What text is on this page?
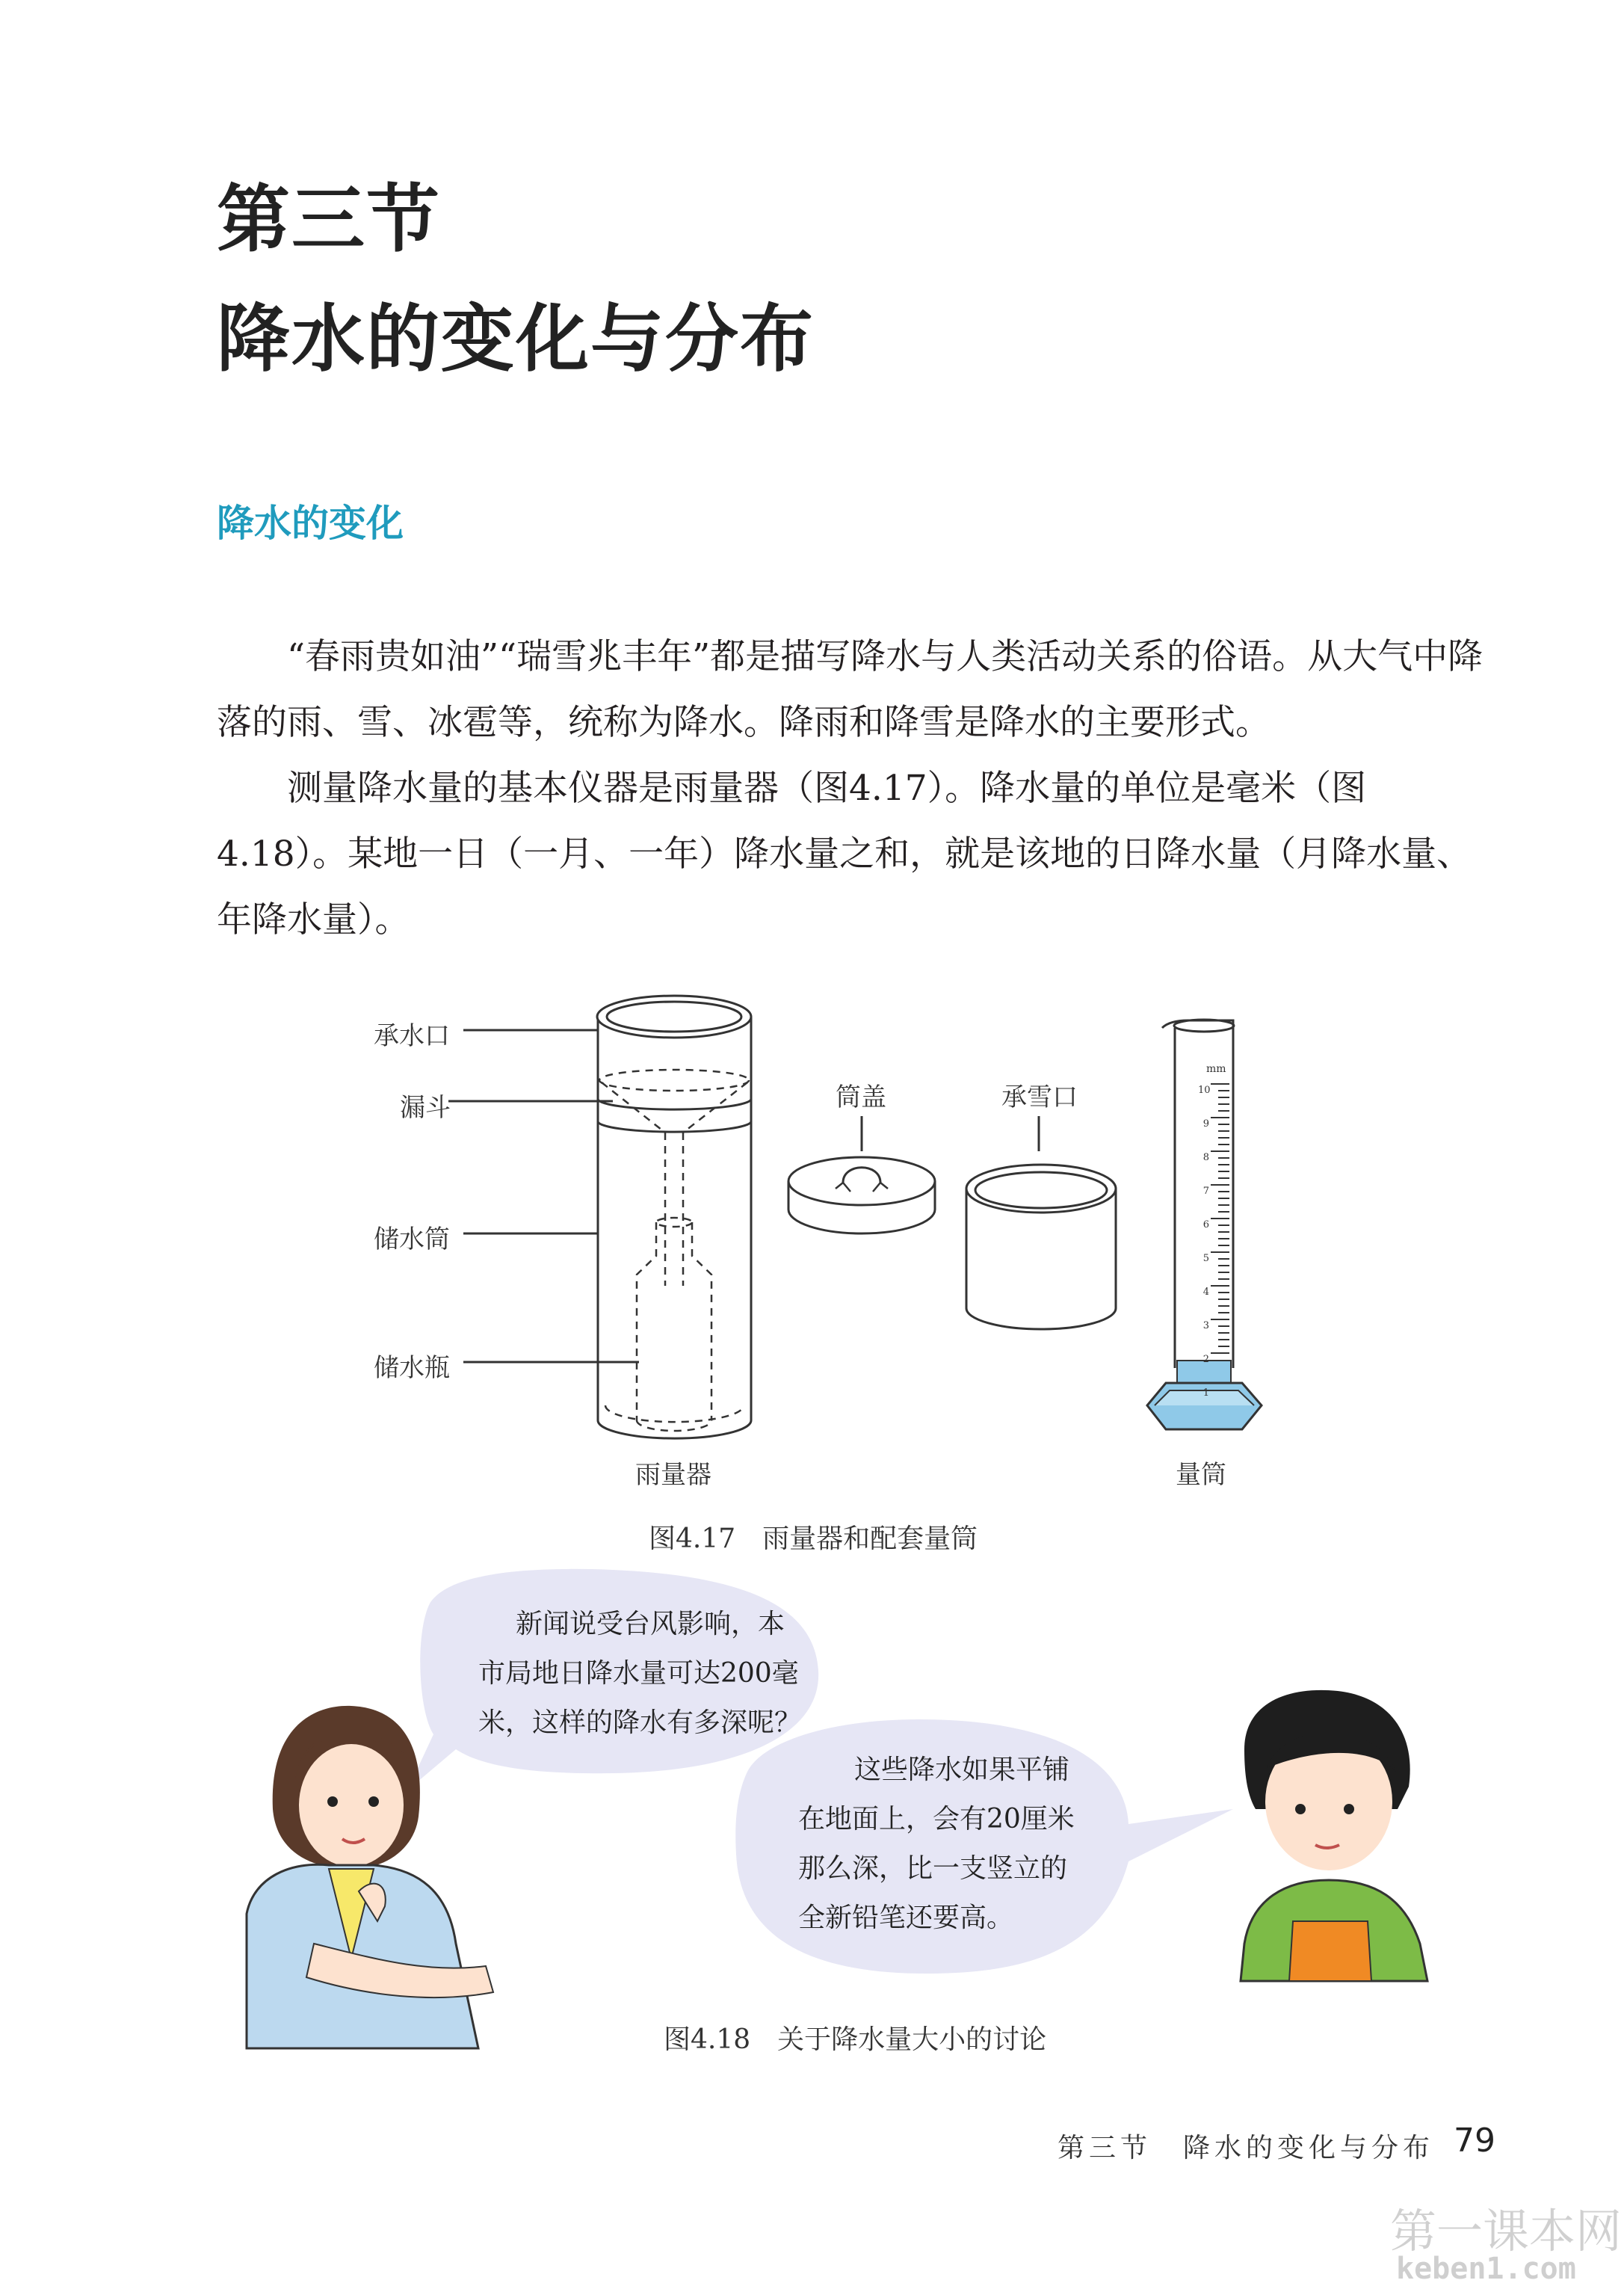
第三节
降水的变化与分布
降水的变化

“春雨贵如油”“瑞雪兆丰年”都是描写降水与人类活动关系的俗语。从大气中降落的雨、雪、冰雹等，统称为降水。降雨和降雪是降水的主要形式。

测量降水量的基本仪器是雨量器（图4.17）。降水量的单位是毫米（图4.18）。某地一日（一月、一年）降水量之和，就是该地的日降水量（月降水量、年降水量）。

承水口
漏斗
储水筒
储水瓶
筒盖	承雪口
雨量器	量筒
mm
10
9
8
7
6
5
4
3
2
1
图4.17　雨量器和配套量筒
新闻说受台风影响，本
市局地日降水量可达200毫
米，这样的降水有多深呢？
这些降水如果平铺
在地面上，会有20厘米
那么深，比一支竖立的
全新铅笔还要高。
图4.18　关于降水量大小的讨论
第三节　降水的变化与分布 79
第一课本网
keben1.com
